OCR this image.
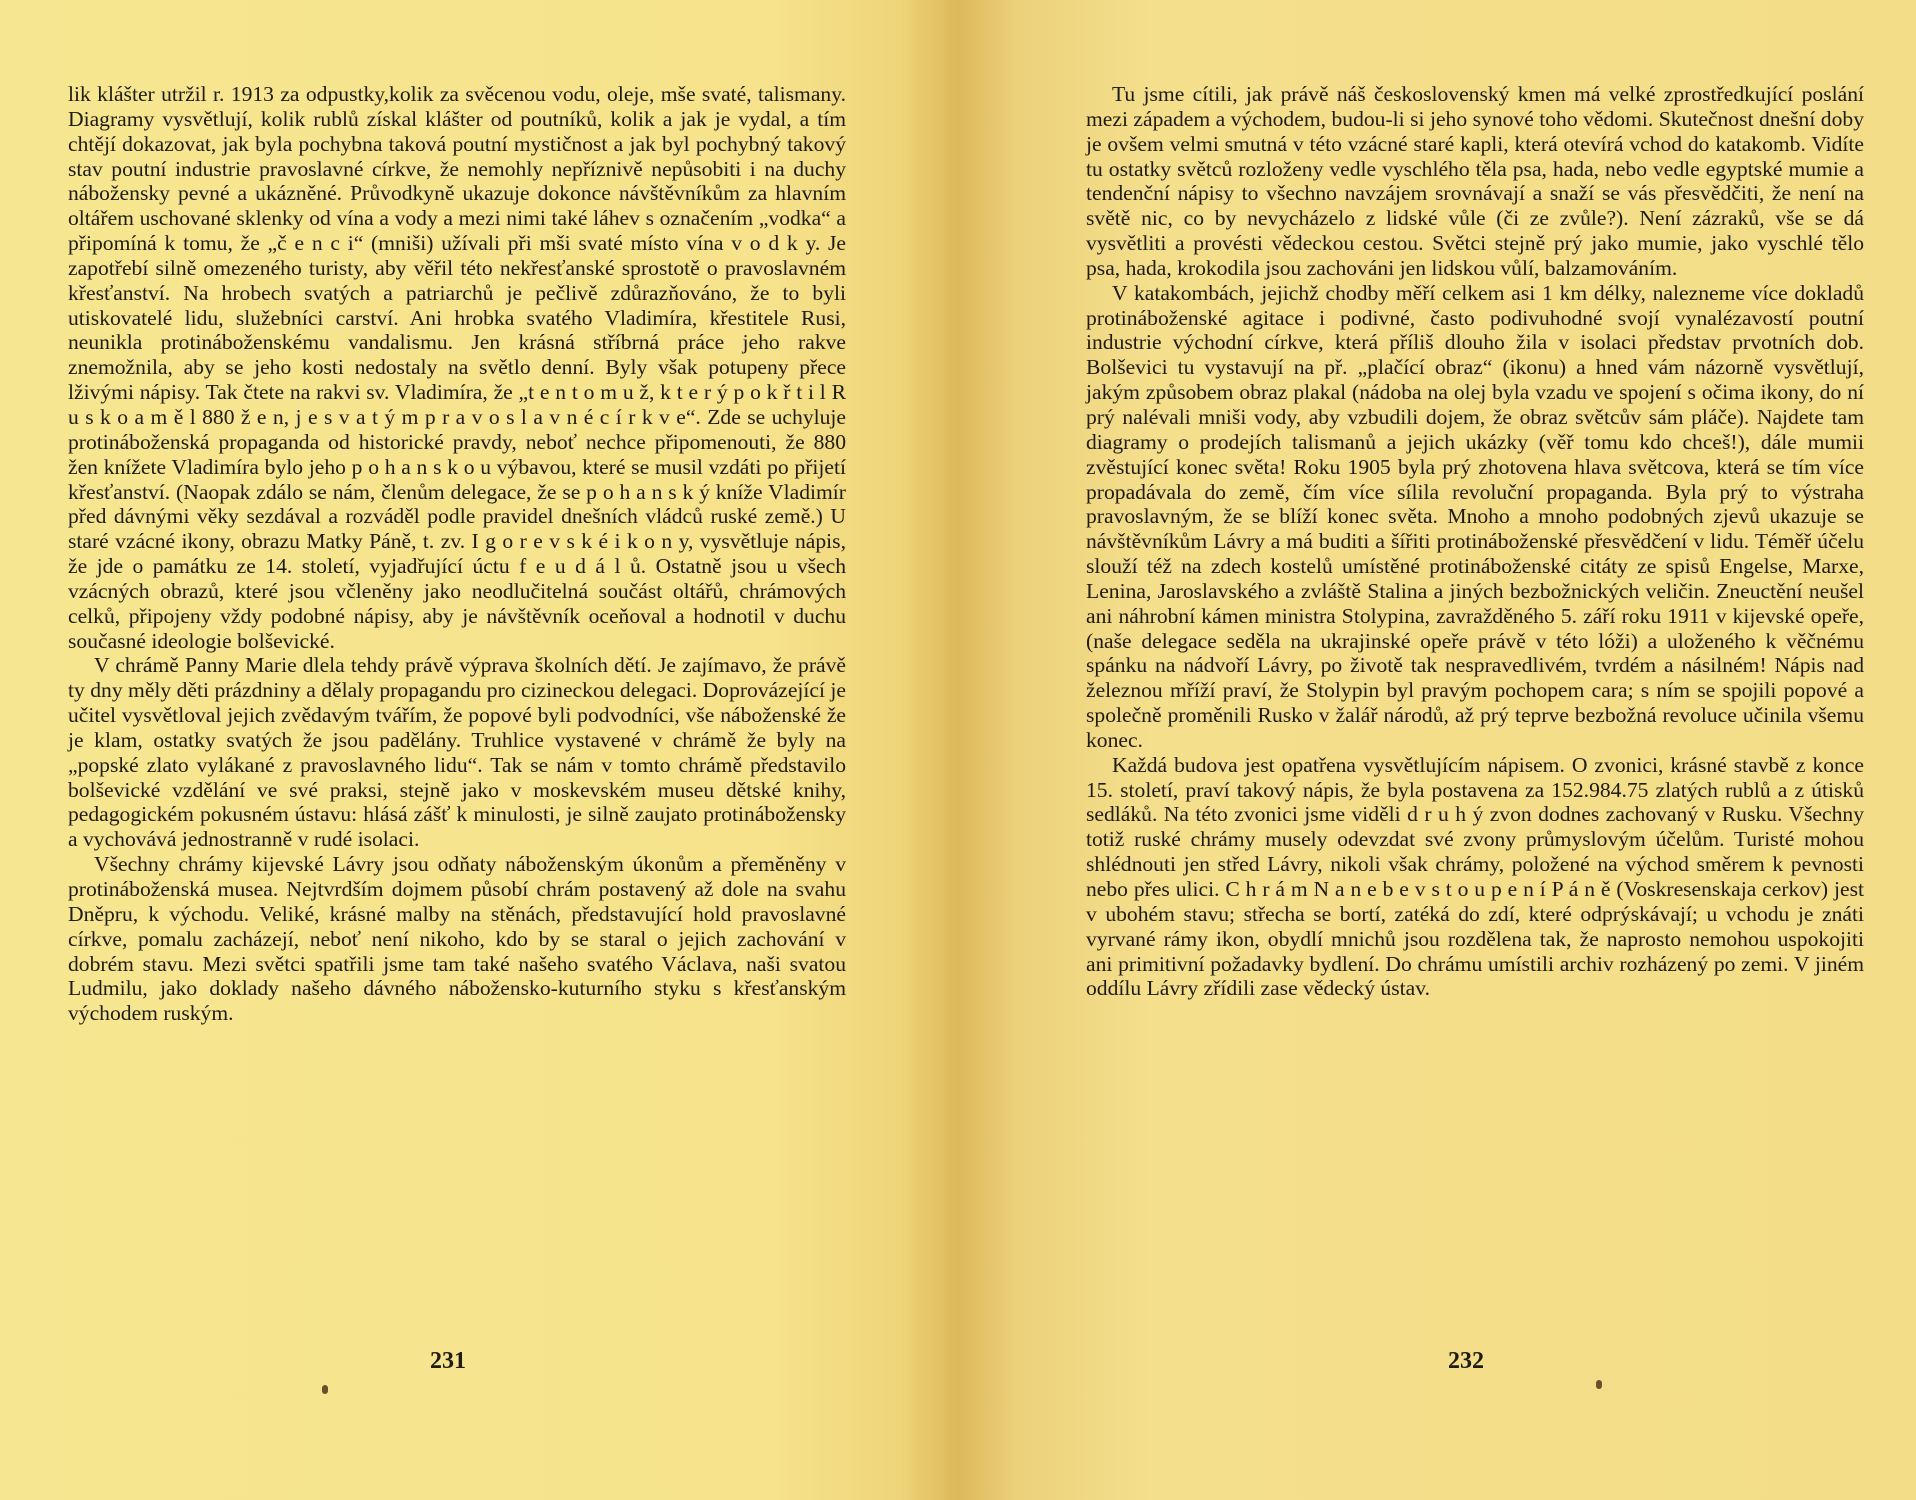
lik klášter utržil r. 1913 za odpustky,kolik za svěcenou vodu, oleje, mše svaté, talismany. Diagramy vysvětlují, kolik rublů získal klášter od poutníků, kolik a jak je vydal, a tím chtějí dokazovat, jak byla pochybna taková poutní mystičnost a jak byl pochybný takový stav poutní industrie pravoslavné církve, že nemohly nepříznivě nepůsobiti i na duchy nábožensky pevné a ukázněné. Průvodkyně ukazuje dokonce návštěvníkům za hlavním oltářem uschované sklenky od vína a vody a mezi nimi také láhev s označením „vodka“ a připomíná k tomu, že „č e n c i“ (mniši) užívali při mši svaté místo vína v o d k y. Je zapotřebí silně omezeného turisty, aby věřil této nekřesťanské sprostotě o pravoslavném křesťanství. Na hrobech svatých a patriarchů je pečlivě zdůrazňováno, že to byli utiskovatelé lidu, služebníci carství. Ani hrobka svatého Vladimíra, křestitele Rusi, neunikla protináboženskému vandalismu. Jen krásná stříbrná práce jeho rakve znemožnila, aby se jeho kosti nedostaly na světlo denní. Byly však potupeny přece lživými nápisy. Tak čtete na rakvi sv. Vladimíra, že „t e n t o m u ž, k t e r ý p o k ř t i l R u s k o a m ě l 880 ž e n, j e s v a t ý m p r a v o s l a v n é c í r k v e“. Zde se uchyluje protináboženská propaganda od historické pravdy, neboť nechce připomenouti, že 880 žen knížete Vladimíra bylo jeho p o h a n s k o u výbavou, které se musil vzdáti po přijetí křesťanství. (Naopak zdálo se nám, členům delegace, že se p o h a n s k ý kníže Vladimír před dávnými věky sezdával a rozváděl podle pravidel dnešních vládců ruské země.) U staré vzácné ikony, obrazu Matky Páně, t. zv. I g o r e v s k é i k o n y, vysvětluje nápis, že jde o památku ze 14. století, vyjadřující úctu f e u d á l ů. Ostatně jsou u všech vzácných obrazů, které jsou včleněny jako neodlučitelná součást oltářů, chrámových celků, připojeny vždy podobné nápisy, aby je návštěvník oceňoval a hodnotil v duchu současné ideologie bolševické.

V chrámě Panny Marie dlela tehdy právě výprava školních dětí. Je zajímavo, že právě ty dny měly děti prázdniny a dělaly propagandu pro cizineckou delegaci. Doprovázející je učitel vysvětloval jejich zvědavým tvářím, že popové byli podvodníci, vše náboženské že je klam, ostatky svatých že jsou padělány. Truhlice vystavené v chrámě že byly na „popské zlato vylákané z pravoslavného lidu“. Tak se nám v tomto chrámě představilo bolševické vzdělání ve své praksi, stejně jako v moskevském museu dětské knihy, pedagogickém pokusném ústavu: hlásá zášť k minulosti, je silně zaujato protinábožensky a vychovává jednostranně v rudé isolaci.

Všechny chrámy kijevské Lávry jsou odňaty náboženským úkonům a přeměněny v protináboženská musea. Nejtvrdším dojmem působí chrám postavený až dole na svahu Dněpru, k východu. Veliké, krásné malby na stěnách, představující hold pravoslavné církve, pomalu zacházejí, neboť není nikoho, kdo by se staral o jejich zachování v dobrém stavu. Mezi světci spatřili jsme tam také našeho svatého Václava, naši svatou Ludmilu, jako doklady našeho dávného nábožensko-kuturního styku s křesťanským východem ruským.

231

Tu jsme cítili, jak právě náš československý kmen má velké zprostředkující poslání mezi západem a východem, budou-li si jeho synové toho vědomi. Skutečnost dnešní doby je ovšem velmi smutná v této vzácné staré kapli, která otevírá vchod do katakomb. Vidíte tu ostatky světců rozloženy vedle vyschlého těla psa, hada, nebo vedle egyptské mumie a tendenční nápisy to všechno navzájem srovnávají a snaží se vás přesvědčiti, že není na světě nic, co by nevycházelo z lidské vůle (či ze zvůle?). Není zázraků, vše se dá vysvětliti a provésti vědeckou cestou. Světci stejně prý jako mumie, jako vyschlé tělo psa, hada, krokodila jsou zachováni jen lidskou vůlí, balzamováním.

V katakombách, jejichž chodby měří celkem asi 1 km délky, nalezneme více dokladů protináboženské agitace i podivné, často podivuhodné svojí vynalézavostí poutní industrie východní církve, která příliš dlouho žila v isolaci představ prvotních dob. Bolševici tu vystavují na př. „plačící obraz“ (ikonu) a hned vám názorně vysvětlují, jakým způsobem obraz plakal (nádoba na olej byla vzadu ve spojení s očima ikony, do ní prý nalévali mniši vody, aby vzbudili dojem, že obraz světcův sám pláče). Najdete tam diagramy o prodejích talismanů a jejich ukázky (věř tomu kdo chceš!), dále mumii zvěstující konec světa! Roku 1905 byla prý zhotovena hlava světcova, která se tím více propadávala do země, čím více sílila revoluční propaganda. Byla prý to výstraha pravoslavným, že se blíží konec světa. Mnoho a mnoho podobných zjevů ukazuje se návštěvníkům Lávry a má buditi a šířiti protináboženské přesvědčení v lidu. Téměř účelu slouží též na zdech kostelů umístěné protináboženské citáty ze spisů Engelse, Marxe, Lenina, Jaroslavského a zvláště Stalina a jiných bezbožnických veličin. Zneuctění neušel ani náhrobní kámen ministra Stolypina, zavražděného 5. září roku 1911 v kijevské opeře, (naše delegace seděla na ukrajinské opeře právě v této lóži) a uloženého k věčnému spánku na nádvoří Lávry, po životě tak nespravedlivém, tvrdém a násilném! Nápis nad železnou mříží praví, že Stolypin byl pravým pochopem cara; s ním se spojili popové a společně proměnili Rusko v žalář národů, až prý teprve bezbožná revoluce učinila všemu konec.

Každá budova jest opatřena vysvětlujícím nápisem. O zvonici, krásné stavbě z konce 15. století, praví takový nápis, že byla postavena za 152.984.75 zlatých rublů a z útisků sedláků. Na této zvonici jsme viděli d r u h ý zvon dodnes zachovaný v Rusku. Všechny totiž ruské chrámy musely odevzdat své zvony průmyslovým účelům. Turisté mohou shlédnouti jen střed Lávry, nikoli však chrámy, položené na východ směrem k pevnosti nebo přes ulici. C h r á m N a n e b e v s t o u p e n í P á n ě (Voskresenskaja cerkov) jest v ubohém stavu; střecha se bortí, zatéká do zdí, které odprýskávají; u vchodu je znáti vyrvané rámy ikon, obydlí mnichů jsou rozdělena tak, že naprosto nemohou uspokojiti ani primitivní požadavky bydlení. Do chrámu umístili archiv rozházený po zemi. V jiném oddílu Lávry zřídili zase vědecký ústav.

232
